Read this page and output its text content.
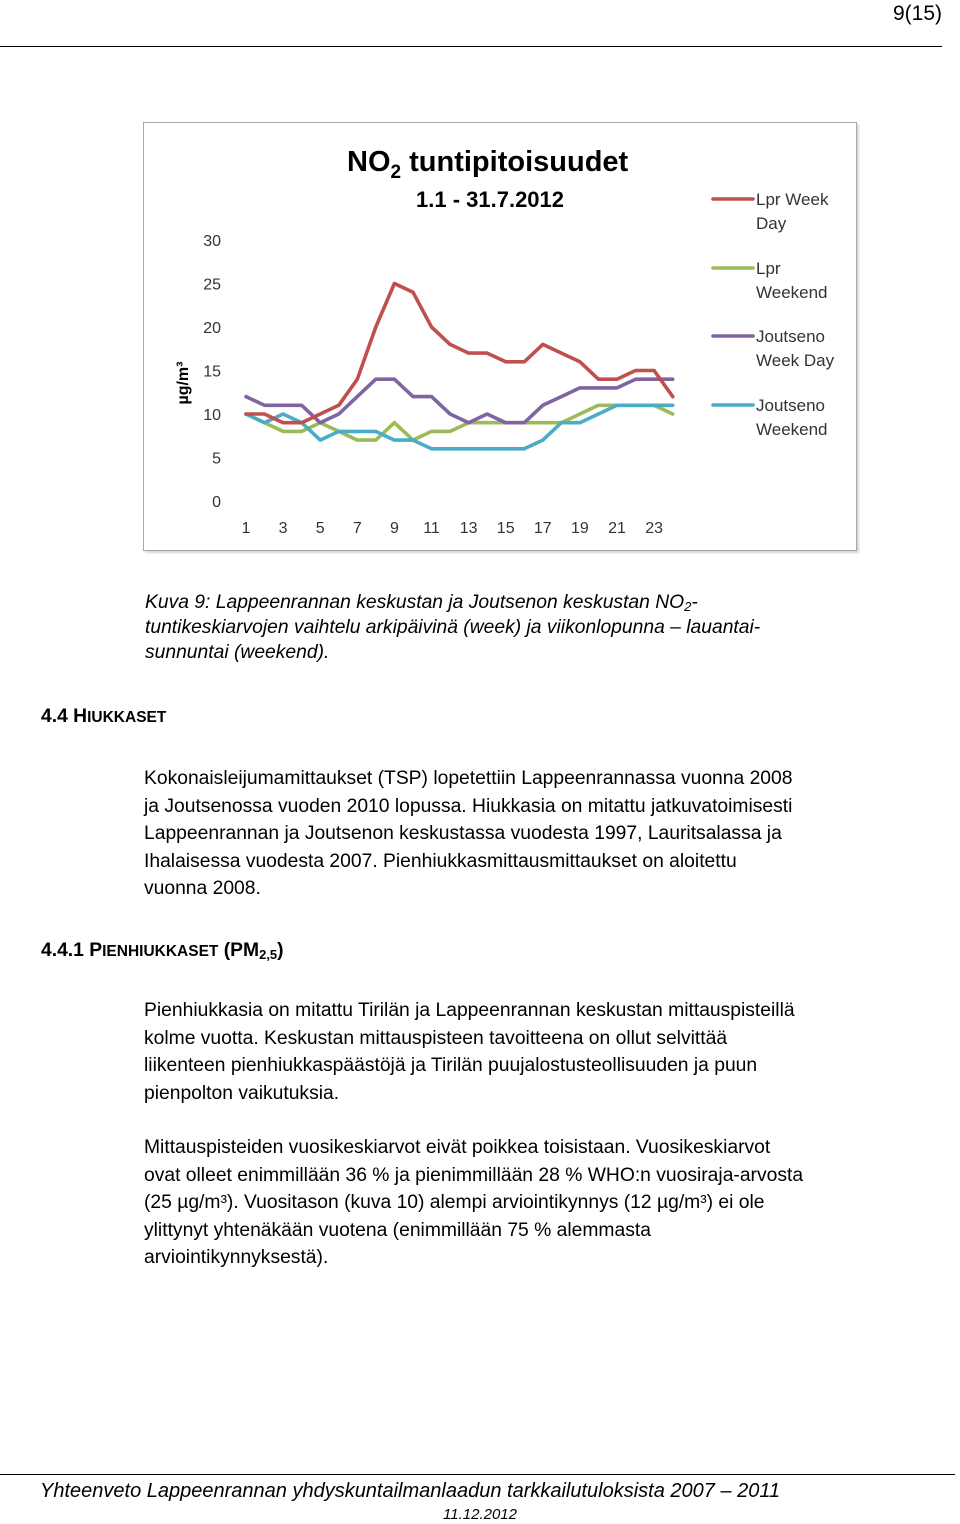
9(15)
$NO_2$ tuntipitoisuudet
1.1 - 31.7.2012
µg/m³
0
5
10
15
20
25
30
1 3 5 7 9 11 13 15 17 19 21 23
Lpr Week
Day
Lpr
Weekend
Joutseno
Week Day
Joutseno
Weekend
Kuva 9: Lappeenrannan keskustan ja Joutsenon keskustan $NO_2-$
tuntikeskiarvojen vaihtelu arkipäivinä (week) ja viikonlopunna – lauantai-
sunnuntai (weekend).
4.4 HIUKKASET

Kokonaisleijumamittaukset (TSP) lopetettiin Lappeenrannassa vuonna 2008

ja Joutsenossa vuoden 2010 lopussa. Hiukkasia on mitattu jatkuvatoimisesti

Lappeenrannan ja Joutsenon keskustassa vuodesta 1997, Lauritsalassa ja

Ihalaisessa vuodesta 2007. Pienhiukkasmittausmittaukset on aloitettu

vuonna 2008.

4.4.1 PIENHIUKKASET $(PM_{2,5})$

Pienhiukkasia on mitattu Tirilän ja Lappeenrannan keskustan mittauspisteillä

kolme vuotta. Keskustan mittauspisteen tavoitteena on ollut selvittää

liikenteen pienhiukkaspäästöjä ja Tirilän puujalostusteollisuuden ja puun

pienpolton vaikutuksia.

Mittauspisteiden vuosikeskiarvot eivät poikkea toisistaan. Vuosikeskiarvot

ovat olleet enimmillään 36 % ja pienimmillään 28 % WHO:n vuosiraja-arvosta

(25 µg/m³). Vuositason (kuva 10) alempi arviointikynnys (12 µg/m³) ei ole

ylittynyt yhtenäkään vuotena (enimmillään 75 % alemmasta

arviointikynnyksestä).

Yhteenveto Lappeenrannan yhdyskuntailmanlaadun tarkkailutuloksista 2007 – 2011
11.12.2012
